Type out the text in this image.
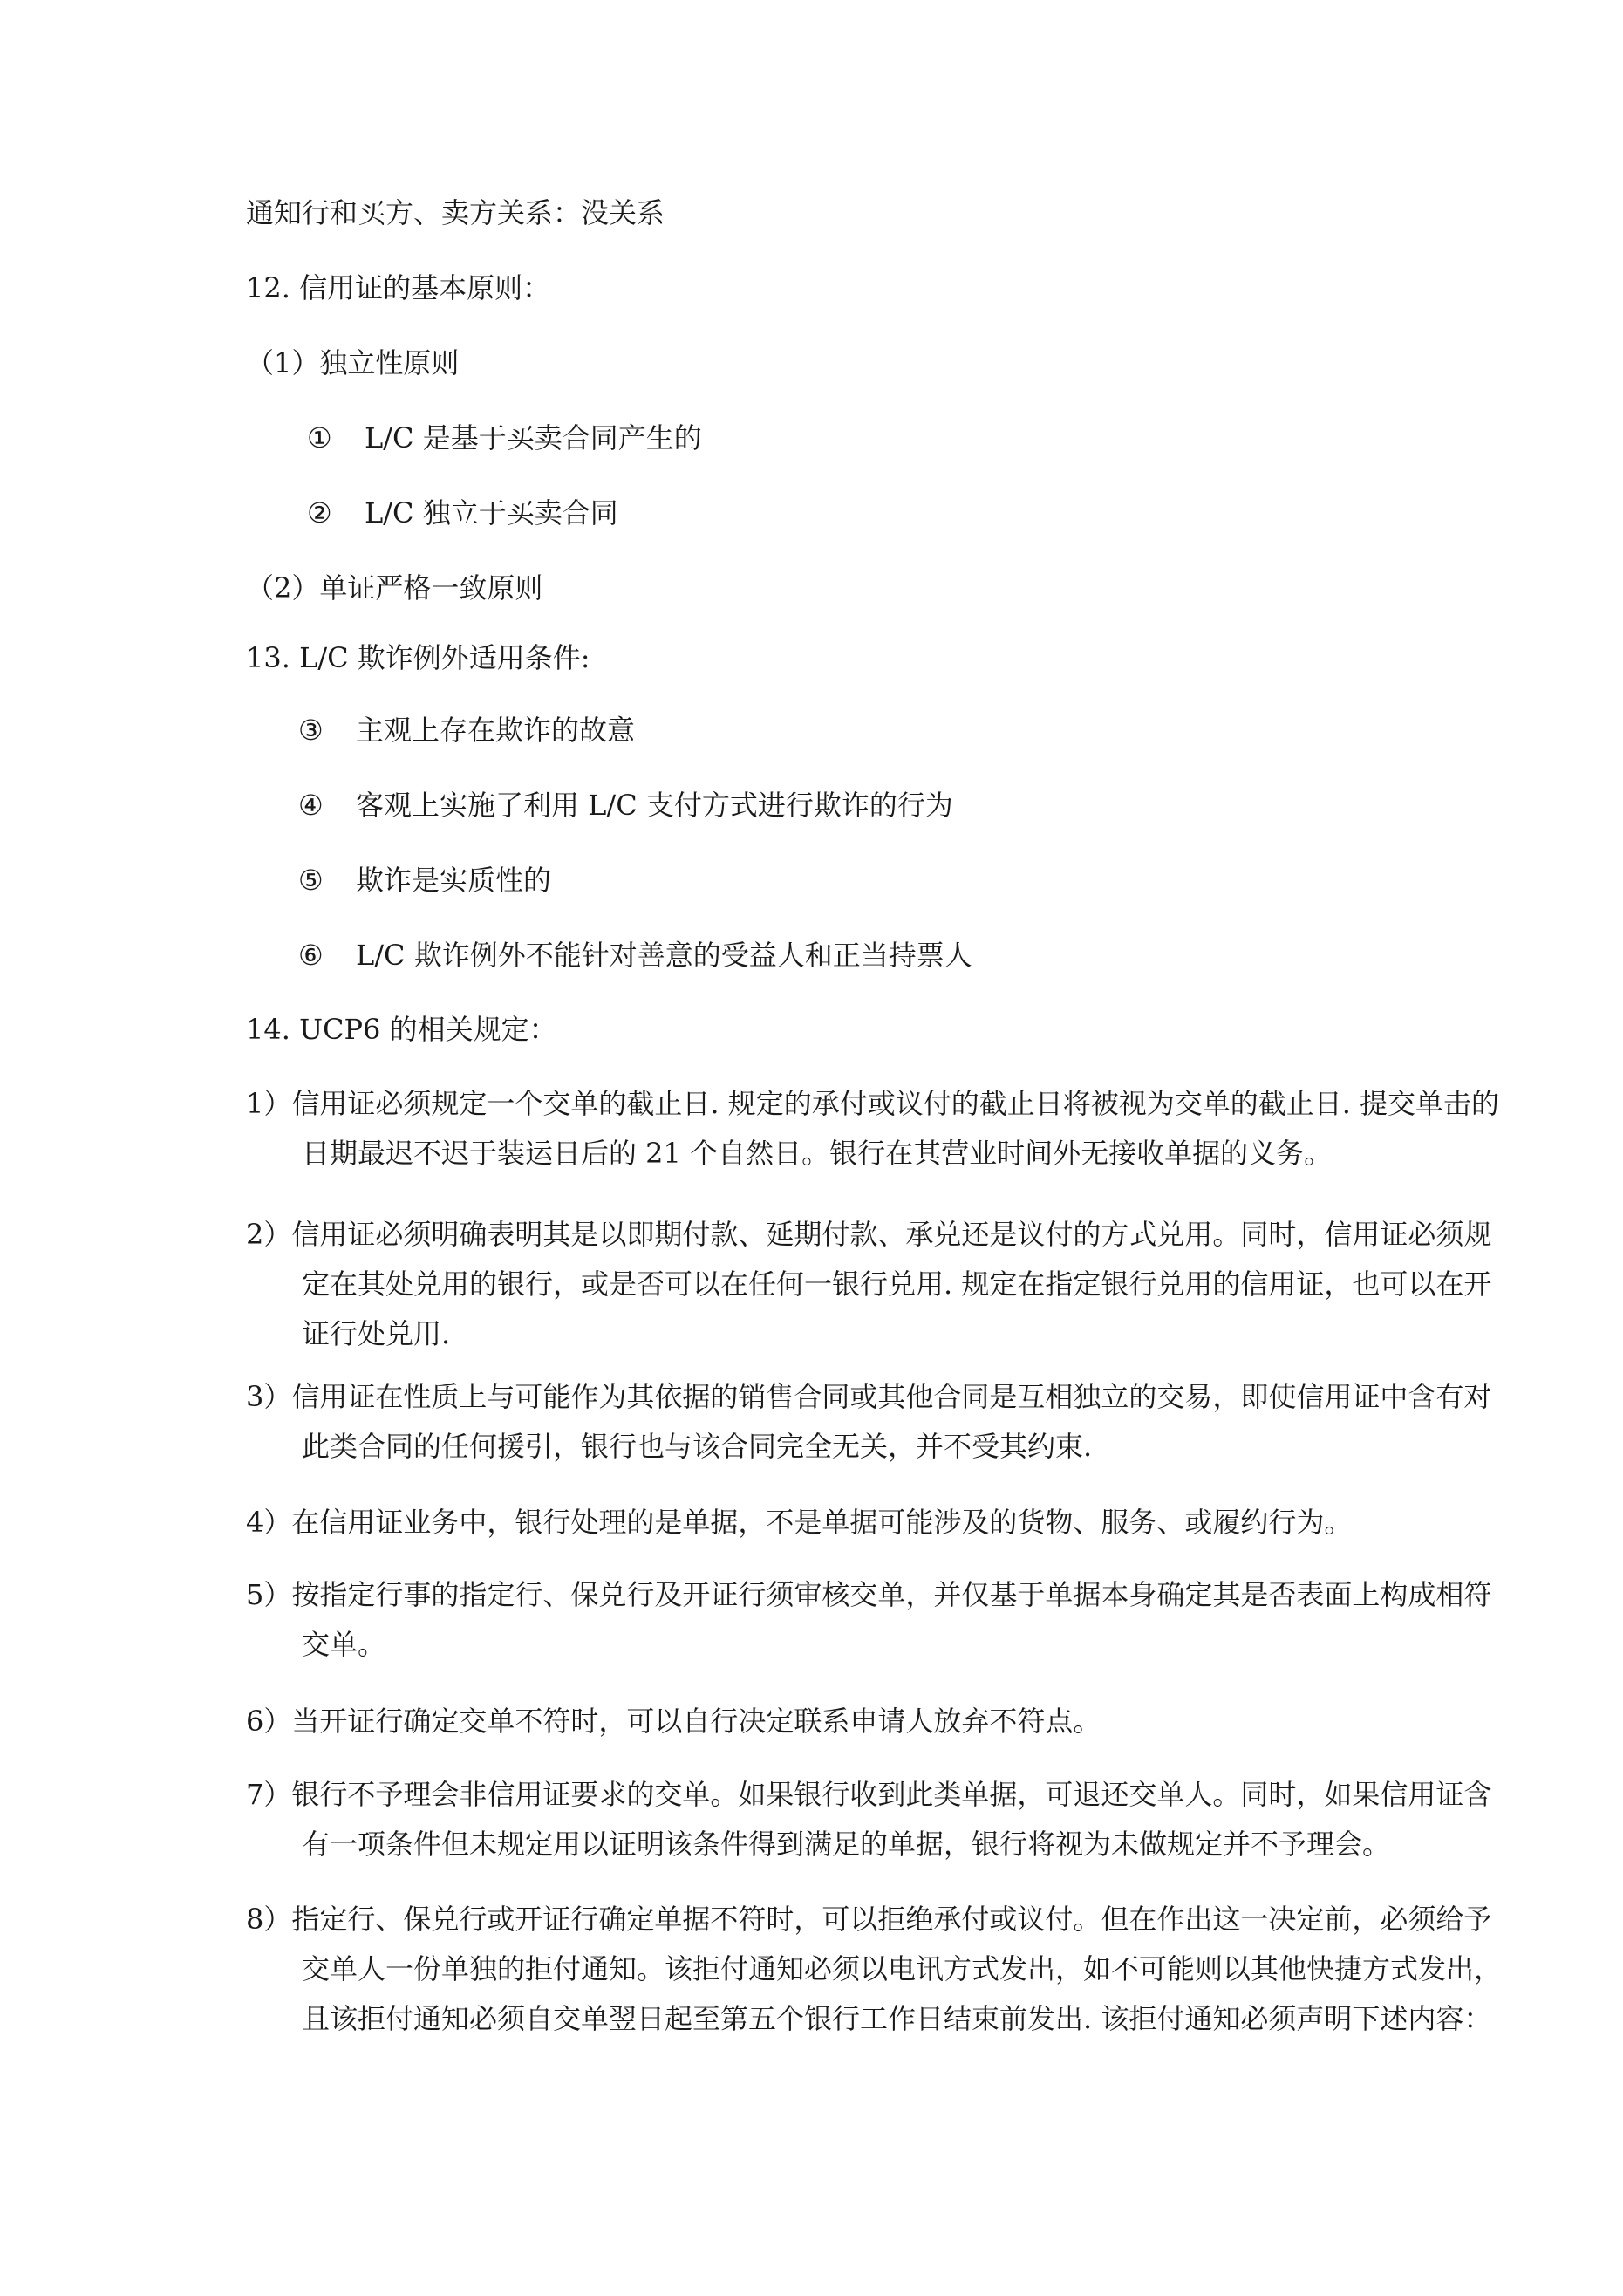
通知行和买方、卖方关系：没关系
12. 信用证的基本原则：
（1）独立性原则
① L/C 是基于买卖合同产生的
② L/C 独立于买卖合同
（2）单证严格一致原则
13. L/C 欺诈例外适用条件:
③ 主观上存在欺诈的故意
④ 客观上实施了利用 L/C 支付方式进行欺诈的行为
⑤ 欺诈是实质性的
⑥ L/C 欺诈例外不能针对善意的受益人和正当持票人
14. UCP6 的相关规定：
1）信用证必须规定一个交单的截止日. 规定的承付或议付的截止日将被视为交单的截止日. 提交单击的
日期最迟不迟于装运日后的 21 个自然日。银行在其营业时间外无接收单据的义务。
2）信用证必须明确表明其是以即期付款、延期付款、承兑还是议付的方式兑用。同时，信用证必须规
定在其处兑用的银行，或是否可以在任何一银行兑用. 规定在指定银行兑用的信用证，也可以在开
证行处兑用.
3）信用证在性质上与可能作为其依据的销售合同或其他合同是互相独立的交易，即使信用证中含有对
此类合同的任何援引，银行也与该合同完全无关，并不受其约束.
4）在信用证业务中，银行处理的是单据，不是单据可能涉及的货物、服务、或履约行为。
5）按指定行事的指定行、保兑行及开证行须审核交单，并仅基于单据本身确定其是否表面上构成相符
交单。
6）当开证行确定交单不符时，可以自行决定联系申请人放弃不符点。
7）银行不予理会非信用证要求的交单。如果银行收到此类单据，可退还交单人。同时，如果信用证含
有一项条件但未规定用以证明该条件得到满足的单据，银行将视为未做规定并不予理会。
8）指定行、保兑行或开证行确定单据不符时，可以拒绝承付或议付。但在作出这一决定前，必须给予
交单人一份单独的拒付通知。该拒付通知必须以电讯方式发出，如不可能则以其他快捷方式发出，
且该拒付通知必须自交单翌日起至第五个银行工作日结束前发出. 该拒付通知必须声明下述内容：
